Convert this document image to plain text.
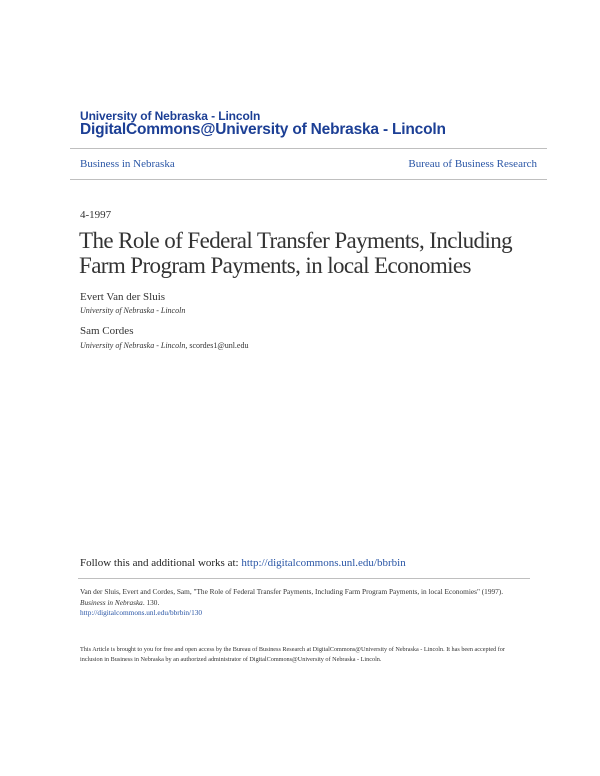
University of Nebraska - Lincoln
DigitalCommons@University of Nebraska - Lincoln
Business in Nebraska	Bureau of Business Research
4-1997
The Role of Federal Transfer Payments, Including Farm Program Payments, in local Economies
Evert Van der Sluis
University of Nebraska - Lincoln
Sam Cordes
University of Nebraska - Lincoln, scordes1@unl.edu
Follow this and additional works at: http://digitalcommons.unl.edu/bbrbin
Van der Sluis, Evert and Cordes, Sam, "The Role of Federal Transfer Payments, Including Farm Program Payments, in local Economies" (1997). Business in Nebraska. 130.
http://digitalcommons.unl.edu/bbrbin/130
This Article is brought to you for free and open access by the Bureau of Business Research at DigitalCommons@University of Nebraska - Lincoln. It has been accepted for inclusion in Business in Nebraska by an authorized administrator of DigitalCommons@University of Nebraska - Lincoln.
